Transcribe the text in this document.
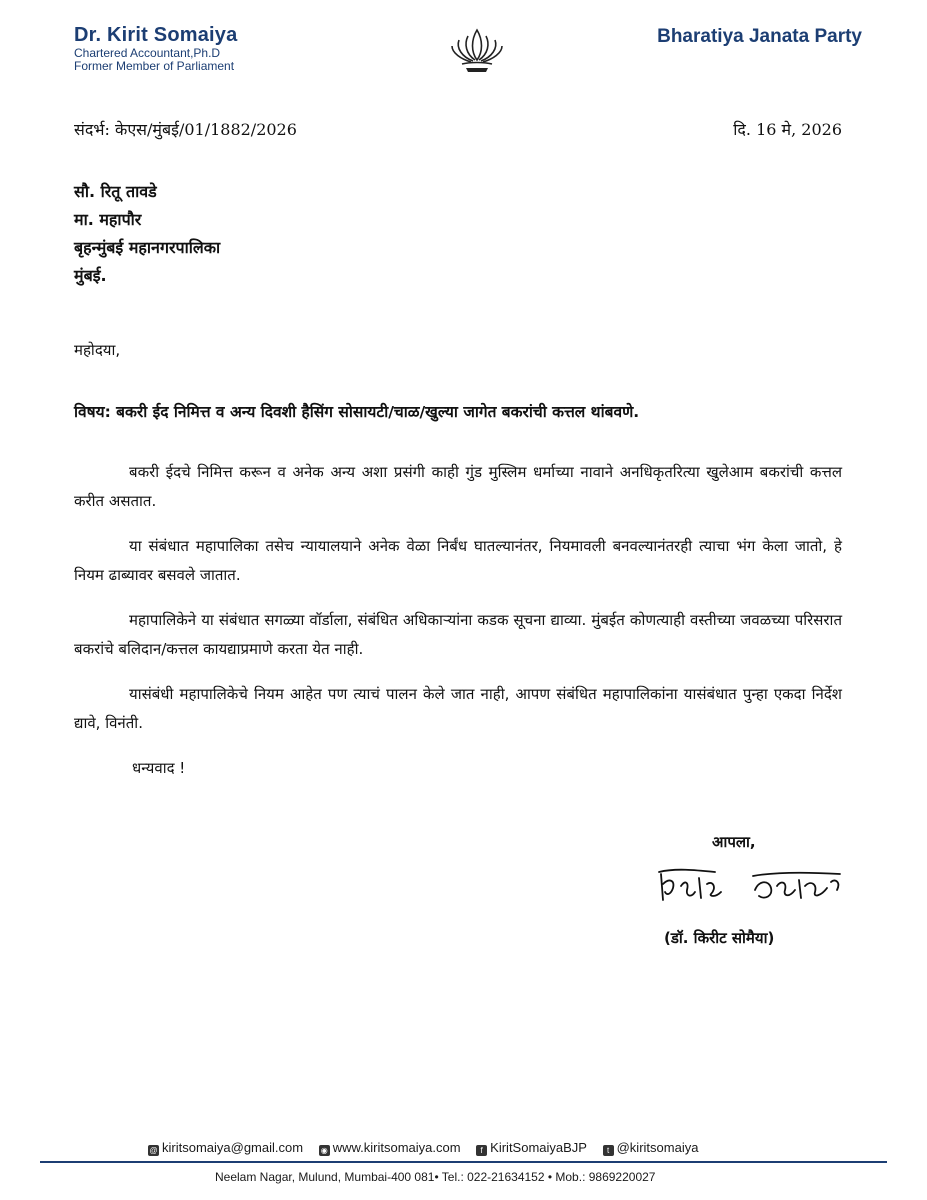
Dr. Kirit Somaiya
Chartered Accountant,Ph.D
Former Member of Parliament
Bharatiya Janata Party
संदर्भ: केएस/मुंबई/01/1882/2026	दि. 16 मे, 2026
सौ. रितू तावडे
मा. महापौर
बृहन्मुंबई महानगरपालिका
मुंबई.
महोदया,
विषय: बकरी ईद निमित्त व अन्य दिवशी हैसिंग सोसायटी/चाळ/खुल्या जागेत बकरांची कत्तल थांबवणे.

बकरी ईदचे निमित्त करून व अनेक अन्य अशा प्रसंगी काही गुंड मुस्लिम धर्माच्या नावाने अनधिकृतरित्या खुलेआम बकरांची कत्तल करीत असतात.

या संबंधात महापालिका तसेच न्यायालयाने अनेक वेळा निर्बंध घातल्यानंतर, नियमावली बनवल्यानंतरही त्याचा भंग केला जातो, हे नियम ढाब्यावर बसवले जातात.

महापालिकेने या संबंधात सगळ्या वॉर्डाला, संबंधित अधिकाऱ्यांना कडक सूचना द्याव्या. मुंबईत कोणत्याही वस्तीच्या जवळच्या परिसरात बकरांचे बलिदान/कत्तल कायद्याप्रमाणे करता येत नाही.

यासंबंधी महापालिकेचे नियम आहेत पण त्याचं पालन केले जात नाही, आपण संबंधित महापालिकांना यासंबंधात पुन्हा एकदा निर्देश द्यावे, विनंती.

धन्यवाद !

आपला,
(डॉ. किरीट सोमैया)
@ kiritsomaiya@gmail.com ◉ www.kiritsomaiya.com	f KiritSomaiyaBJP	t @kiritsomaiya
Neelam Nagar, Mulund, Mumbai-400 081• Tel.: 022-21634152 • Mob.: 9869220027
